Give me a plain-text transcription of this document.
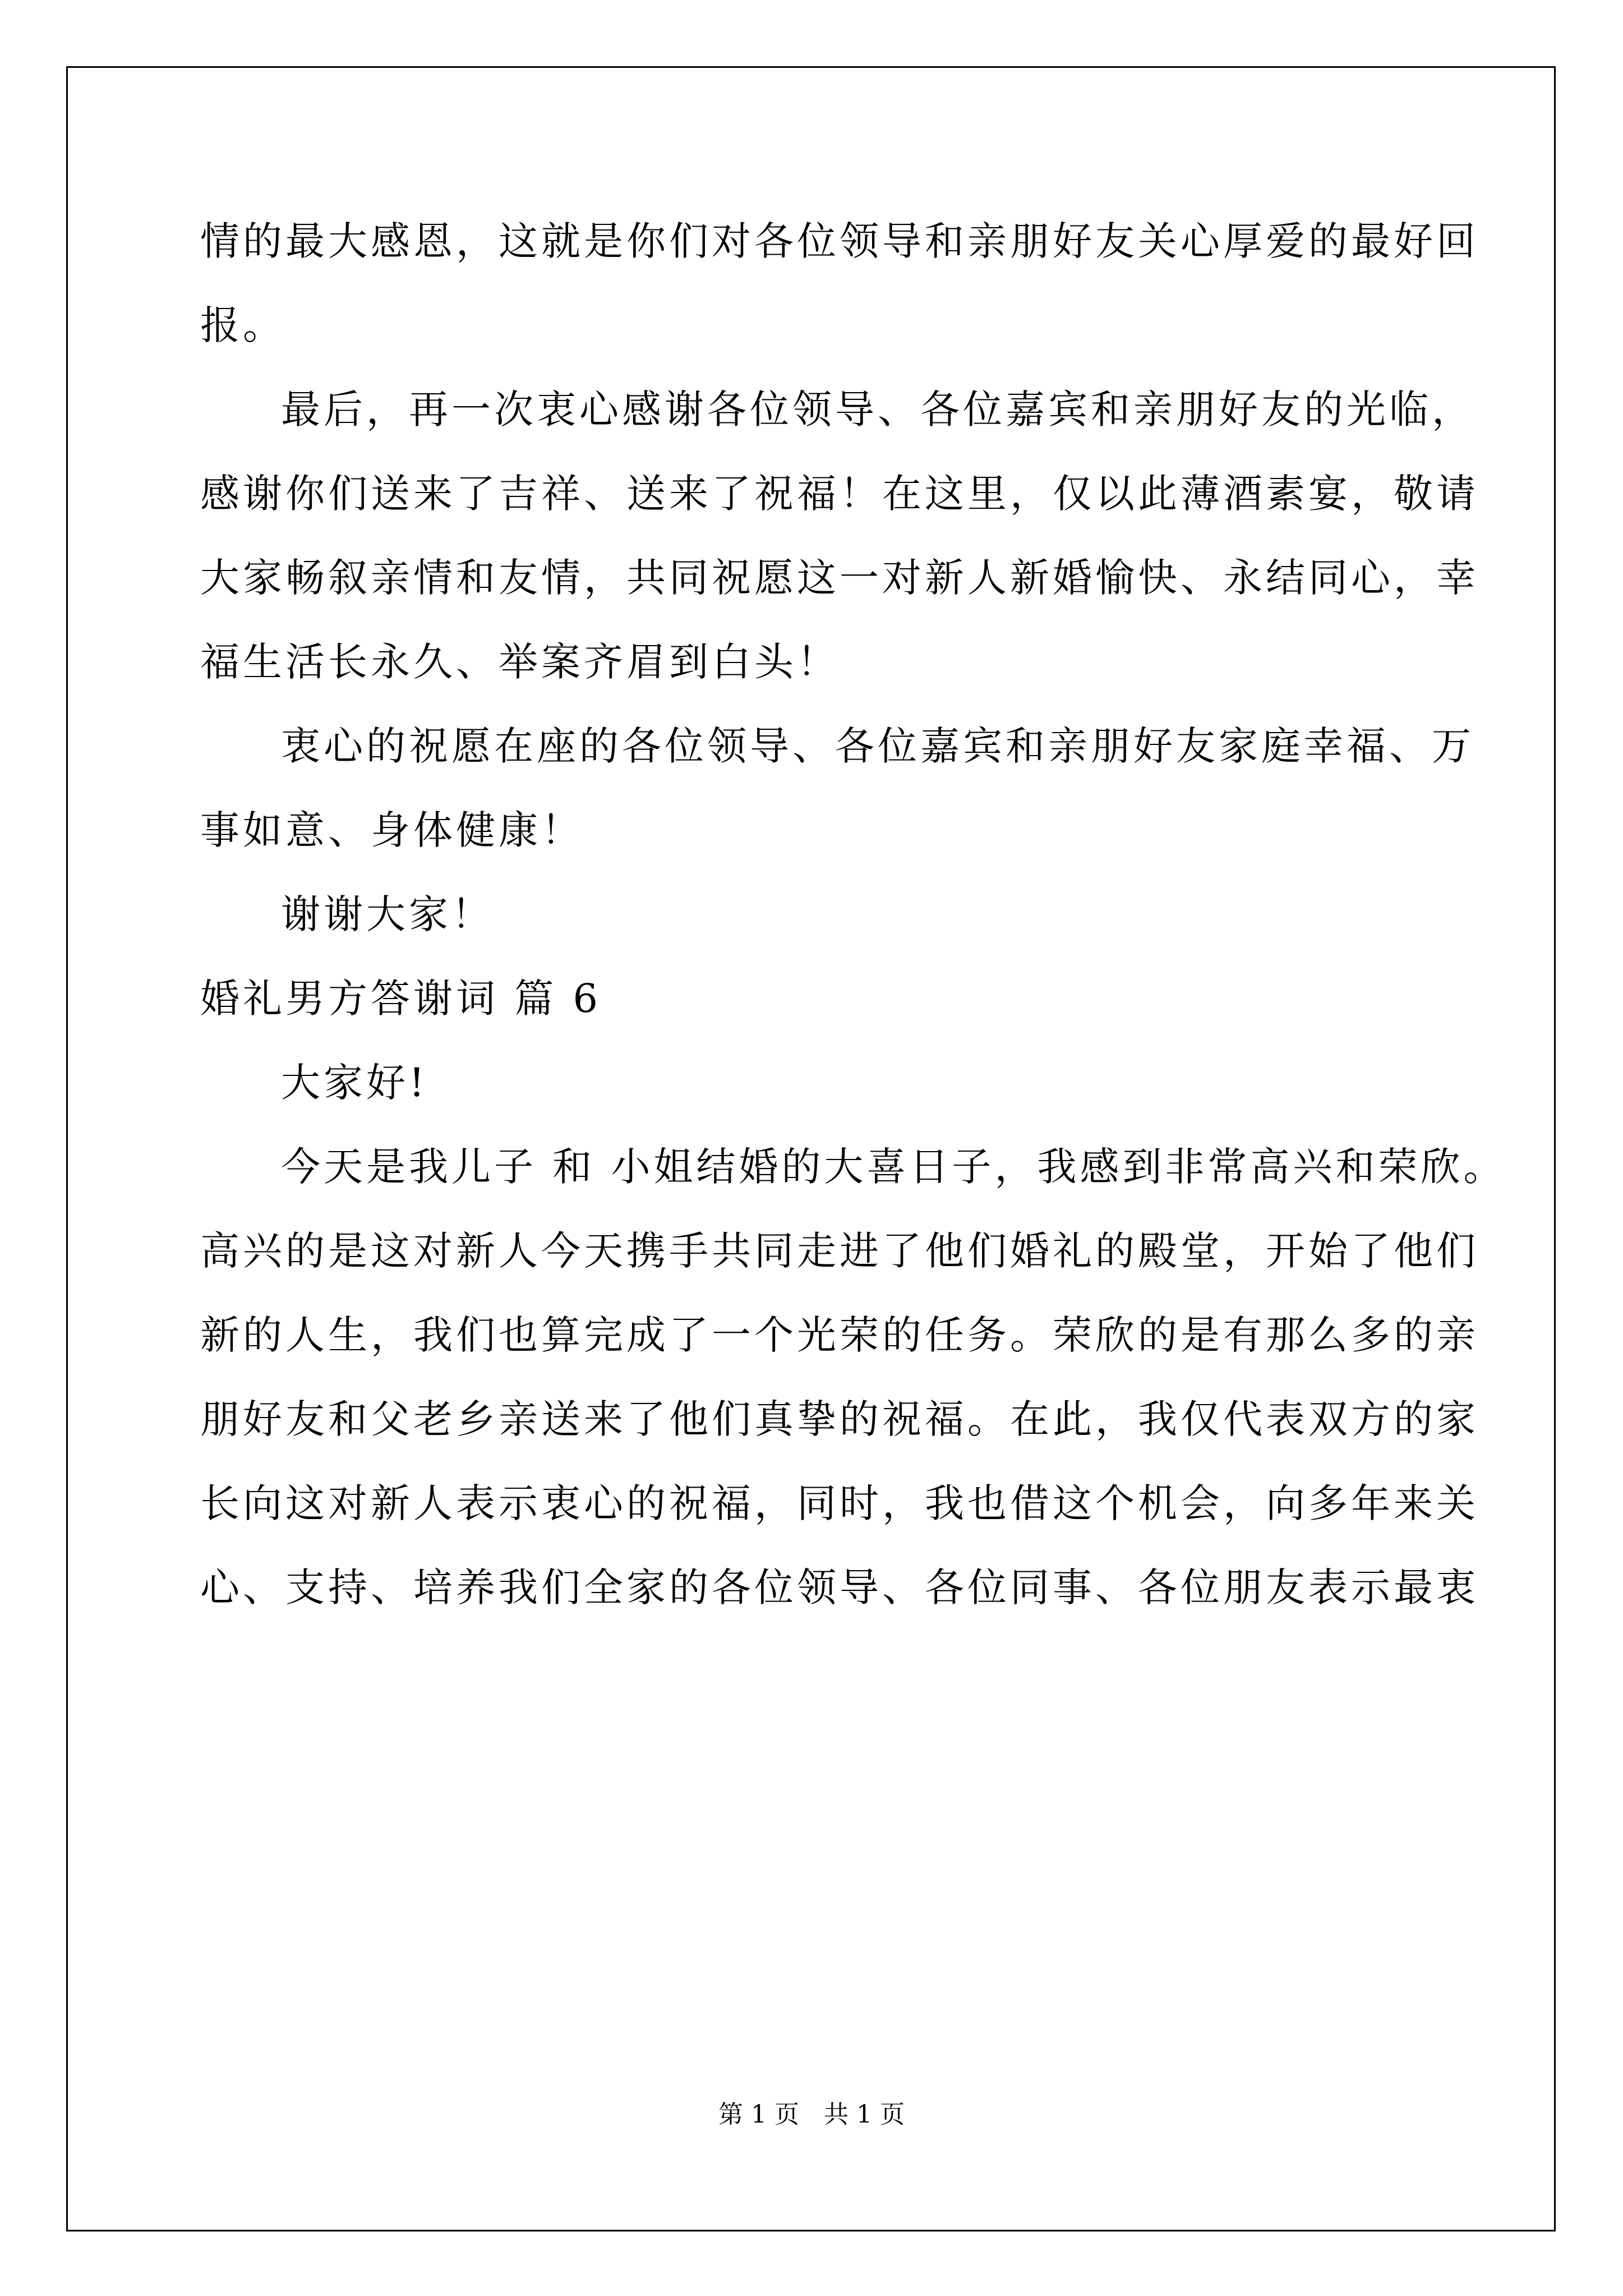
情的最大感恩，这就是你们对各位领导和亲朋好友关心厚爱的最好回
报。
最后，再一次衷心感谢各位领导、各位嘉宾和亲朋好友的光临，
感谢你们送来了吉祥、送来了祝福！在这里，仅以此薄酒素宴，敬请
大家畅叙亲情和友情，共同祝愿这一对新人新婚愉快、永结同心，幸
福生活长永久、举案齐眉到白头！
衷心的祝愿在座的各位领导、各位嘉宾和亲朋好友家庭幸福、万
事如意、身体健康！
谢谢大家！
婚礼男方答谢词 篇 6
大家好!
今天是我儿子 和 小姐结婚的大喜日子，我感到非常高兴和荣欣。
高兴的是这对新人今天携手共同走进了他们婚礼的殿堂，开始了他们
新的人生，我们也算完成了一个光荣的任务。荣欣的是有那么多的亲
朋好友和父老乡亲送来了他们真挚的祝福。在此，我仅代表双方的家
长向这对新人表示衷心的祝福，同时，我也借这个机会，向多年来关
心、支持、培养我们全家的各位领导、各位同事、各位朋友表示最衷
第 1 页 共 1 页
